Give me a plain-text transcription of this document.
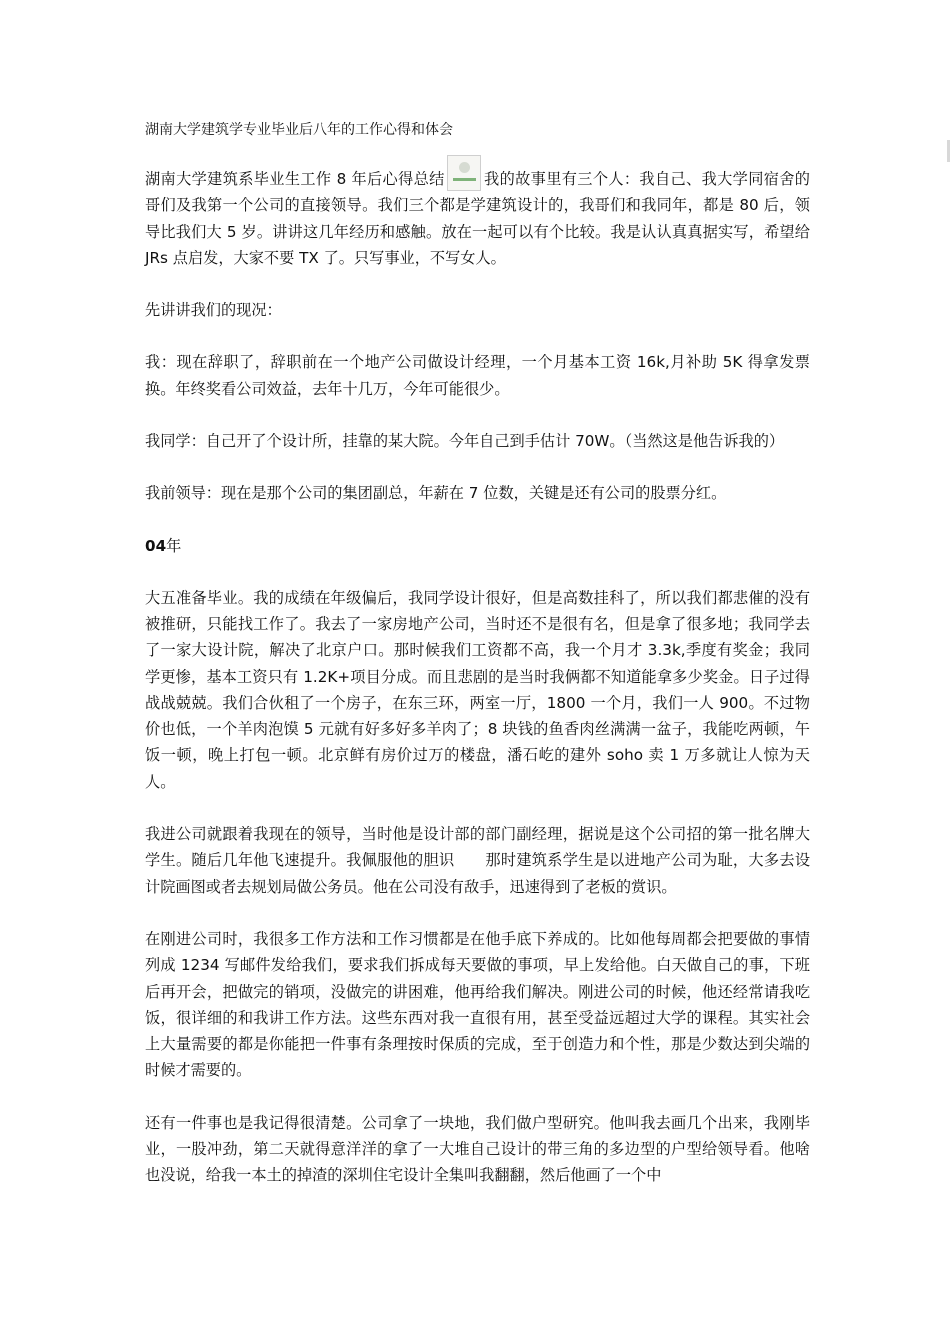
湖南大学建筑学专业毕业后八年的工作心得和体会

湖南大学建筑系毕业生工作 8 年后心得总结	我的故事里有三个人：我自己、我大学同宿舍的哥们及我第一个公司的直接领导。我们三个都是学建筑设计的，我哥们和我同年，都是 80 后，领导比我们大 5 岁。讲讲这几年经历和感触。放在一起可以有个比较。我是认认真真据实写，希望给 JRs 点启发，大家不要 TX 了。只写事业，不写女人。

先讲讲我们的现况：

我：现在辞职了，辞职前在一个地产公司做设计经理，一个月基本工资 16k,月补助 5K 得拿发票换。年终奖看公司效益，去年十几万，今年可能很少。

我同学：自己开了个设计所，挂靠的某大院。今年自己到手估计 70W。（当然这是他告诉我的）

我前领导：现在是那个公司的集团副总，年薪在 7 位数，关键是还有公司的股票分红。

04年

大五准备毕业。我的成绩在年级偏后，我同学设计很好，但是高数挂科了，所以我们都悲催的没有被推研，只能找工作了。我去了一家房地产公司，当时还不是很有名，但是拿了很多地；我同学去了一家大设计院，解决了北京户口。那时候我们工资都不高，我一个月才 3.3k,季度有奖金；我同学更惨，基本工资只有 1.2K+项目分成。而且悲剧的是当时我俩都不知道能拿多少奖金。日子过得战战兢兢。我们合伙租了一个房子，在东三环，两室一厅，1800 一个月，我们一人 900。不过物价也低，一个羊肉泡馍 5 元就有好多好多羊肉了；8 块钱的鱼香肉丝满满一盆子，我能吃两顿，午饭一顿，晚上打包一顿。北京鲜有房价过万的楼盘，潘石屹的建外 soho 卖 1 万多就让人惊为天人。

我进公司就跟着我现在的领导，当时他是设计部的部门副经理，据说是这个公司招的第一批名牌大学生。随后几年他飞速提升。我佩服他的胆识　　那时建筑系学生是以进地产公司为耻，大多去设计院画图或者去规划局做公务员。他在公司没有敌手，迅速得到了老板的赏识。

在刚进公司时，我很多工作方法和工作习惯都是在他手底下养成的。比如他每周都会把要做的事情列成 1234 写邮件发给我们，要求我们拆成每天要做的事项，早上发给他。白天做自己的事，下班后再开会，把做完的销项，没做完的讲困难，他再给我们解决。刚进公司的时候，他还经常请我吃饭，很详细的和我讲工作方法。这些东西对我一直很有用，甚至受益远超过大学的课程。其实社会上大量需要的都是你能把一件事有条理按时保质的完成，至于创造力和个性，那是少数达到尖端的时候才需要的。

还有一件事也是我记得很清楚。公司拿了一块地，我们做户型研究。他叫我去画几个出来，我刚毕业，一股冲劲，第二天就得意洋洋的拿了一大堆自己设计的带三角的多边型的户型给领导看。他啥也没说，给我一本土的掉渣的深圳住宅设计全集叫我翻翻，然后他画了一个中
